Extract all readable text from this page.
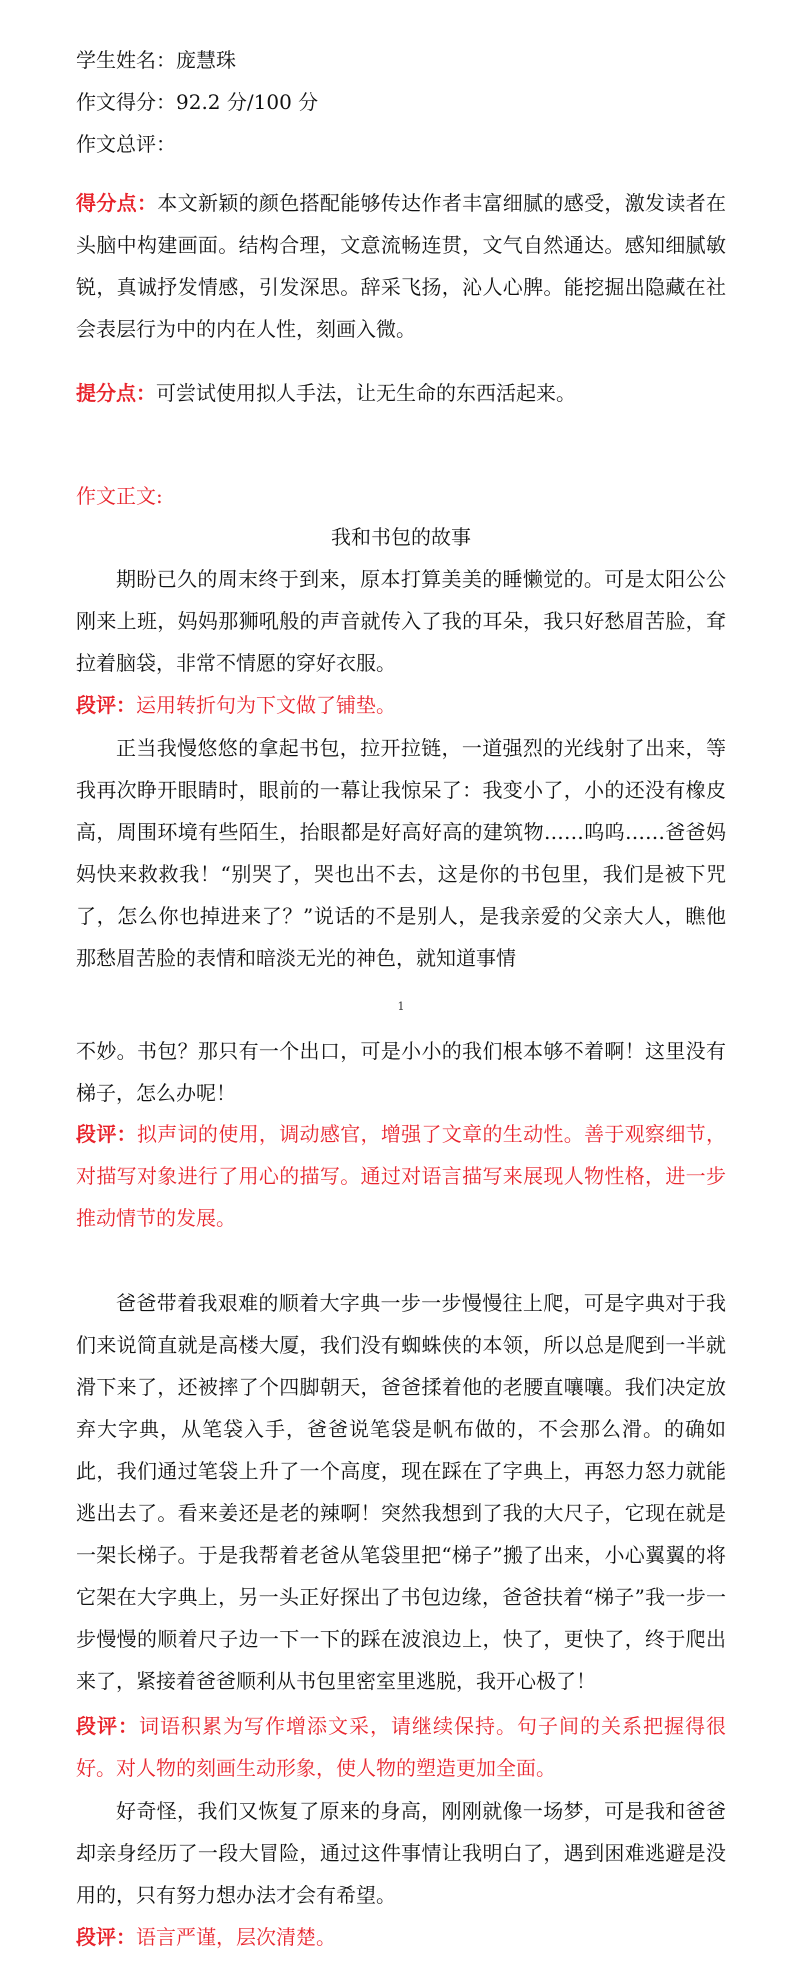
学生姓名：庞慧珠
作文得分：92.2 分/100 分
作文总评：
得分点：本文新颖的颜色搭配能够传达作者丰富细腻的感受，激发读者在头脑中构建画面。结构合理，文意流畅连贯，文气自然通达。感知细腻敏锐，真诚抒发情感，引发深思。辞采飞扬，沁人心脾。能挖掘出隐藏在社会表层行为中的内在人性，刻画入微。
提分点：可尝试使用拟人手法，让无生命的东西活起来。
作文正文:
我和书包的故事
期盼已久的周末终于到来，原本打算美美的睡懒觉的。可是太阳公公刚来上班，妈妈那狮吼般的声音就传入了我的耳朵，我只好愁眉苦脸，耷拉着脑袋，非常不情愿的穿好衣服。
段评：运用转折句为下文做了铺垫。
正当我慢悠悠的拿起书包，拉开拉链，一道强烈的光线射了出来，等我再次睁开眼睛时，眼前的一幕让我惊呆了：我变小了，小的还没有橡皮高，周围环境有些陌生，抬眼都是好高好高的建筑物……呜呜……爸爸妈妈快来救救我！“别哭了，哭也出不去，这是你的书包里，我们是被下咒了，怎么你也掉进来了？”说话的不是别人，是我亲爱的父亲大人，瞧他那愁眉苦脸的表情和暗淡无光的神色，就知道事情
1
不妙。书包？那只有一个出口，可是小小的我们根本够不着啊！这里没有梯子，怎么办呢！
段评：拟声词的使用，调动感官，增强了文章的生动性。善于观察细节，对描写对象进行了用心的描写。通过对语言描写来展现人物性格，进一步推动情节的发展。
爸爸带着我艰难的顺着大字典一步一步慢慢往上爬，可是字典对于我们来说简直就是高楼大厦，我们没有蜘蛛侠的本领，所以总是爬到一半就滑下来了，还被摔了个四脚朝天，爸爸揉着他的老腰直嚷嚷。我们决定放弃大字典，从笔袋入手，爸爸说笔袋是帆布做的，不会那么滑。的确如此，我们通过笔袋上升了一个高度，现在踩在了字典上，再怒力怒力就能逃出去了。看来姜还是老的辣啊！突然我想到了我的大尺子，它现在就是一架长梯子。于是我帮着老爸从笔袋里把“梯子”搬了出来，小心翼翼的将它架在大字典上，另一头正好探出了书包边缘，爸爸扶着“梯子”我一步一步慢慢的顺着尺子边一下一下的踩在波浪边上，快了，更快了，终于爬出来了，紧接着爸爸顺利从书包里密室里逃脱，我开心极了！
段评：词语积累为写作增添文采，请继续保持。句子间的关系把握得很好。对人物的刻画生动形象，使人物的塑造更加全面。
好奇怪，我们又恢复了原来的身高，刚刚就像一场梦，可是我和爸爸却亲身经历了一段大冒险，通过这件事情让我明白了，遇到困难逃避是没用的，只有努力想办法才会有希望。
段评：语言严谨，层次清楚。
